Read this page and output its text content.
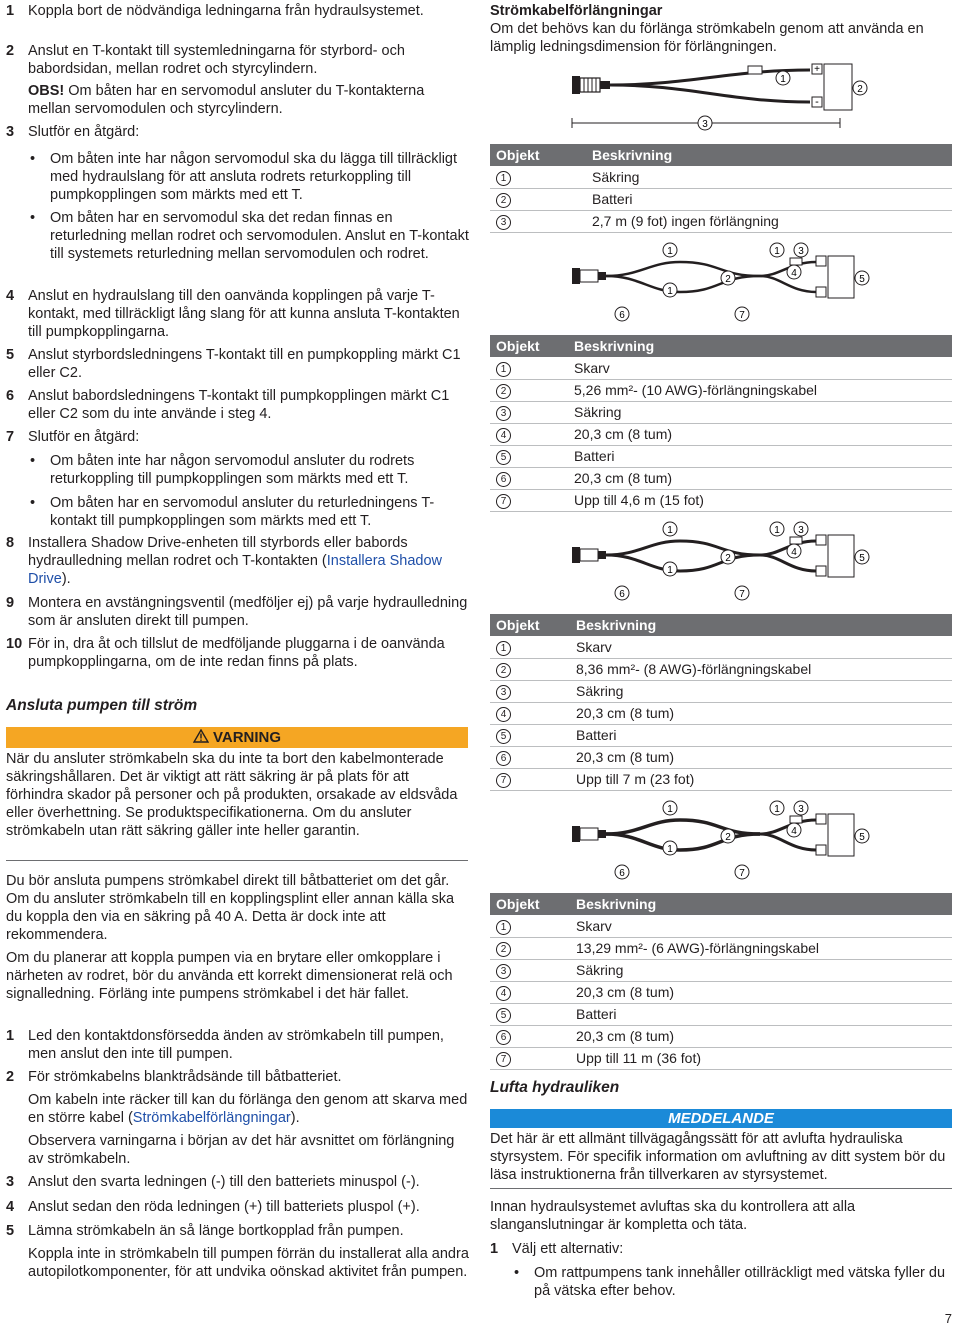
1 Koppla bort de nödvändiga ledningarna från hydraulsystemet.
2 Anslut en T-kontakt till systemledningarna för styrbord- och babordsidan, mellan rodret och styrcylindern.
OBS! Om båten har en servomodul ansluter du T-kontakterna mellan servomodulen och styrcylindern.
3 Slutför en åtgärd:
• Om båten inte har någon servomodul ska du lägga till tillräckligt med hydraulslang för att ansluta rodrets returkoppling till pumpkopplingen som märkts med ett T.
• Om båten har en servomodul ska det redan finnas en returledning mellan rodret och servomodulen. Anslut en T-kontakt till systemets returledning mellan servomodulen och rodret.
4 Anslut en hydraulslang till den oanvända kopplingen på varje T-kontakt, med tillräckligt lång slang för att kunna ansluta T-kontakten till pumpkopplingarna.
5 Anslut styrbordsledningens T-kontakt till en pumpkoppling märkt C1 eller C2.
6 Anslut babordsledningens T-kontakt till pumpkopplingen märkt C1 eller C2 som du inte använde i steg 4.
7 Slutför en åtgärd:
• Om båten inte har någon servomodul ansluter du rodrets returkoppling till pumpkopplingen som märkts med ett T.
• Om båten har en servomodul ansluter du returledningens T-kontakt till pumpkopplingen som märkts med ett T.
8 Installera Shadow Drive-enheten till styrbords eller babords hydraulledning mellan rodret och T-kontakten (Installera Shadow Drive).
9 Montera en avstängningsventil (medföljer ej) på varje hydraulledning som är ansluten direkt till pumpen.
10 För in, dra åt och tillslut de medföljande pluggarna i de oanvända pumpkopplingarna, om de inte redan finns på plats.
Ansluta pumpen till ström
VARNING
När du ansluter strömkabeln ska du inte ta bort den kabelmonterade säkringshållaren. Det är viktigt att rätt säkring är på plats för att förhindra skador på personer och på produkten, orsakade av eldsvåda eller överhettning. Se produktspecifikationerna. Om du ansluter strömkabeln utan rätt säkring gäller inte heller garantin.
Du bör ansluta pumpens strömkabel direkt till båtbatteriet om det går. Om du ansluter strömkabeln till en kopplingsplint eller annan källa ska du koppla den via en säkring på 40 A. Detta är dock inte att rekommendera.
Om du planerar att koppla pumpen via en brytare eller omkopplare i närheten av rodret, bör du använda ett korrekt dimensionerat relä och signalledning. Förläng inte pumpens strömkabel i det här fallet.
1 Led den kontaktdonsförsedda änden av strömkabeln till pumpen, men anslut den inte till pumpen.
2 För strömkabelns blanktrådsände till båtbatteriet.
Om kabeln inte räcker till kan du förlänga den genom att skarva med en större kabel (Strömkabelförlängningar).
Observera varningarna i början av det här avsnittet om förlängning av strömkabeln.
3 Anslut den svarta ledningen (-) till den batteriets minuspol (-).
4 Anslut sedan den röda ledningen (+) till batteriets pluspol (+).
5 Lämna strömkabeln än så länge bortkopplad från pumpen.
Koppla inte in strömkabeln till pumpen förrän du installerat alla andra autopilotkomponenter, för att undvika oönskad aktivitet från pumpen.
Strömkabelförlängningar
Om det behövs kan du förlänga strömkabeln genom att använda en lämplig ledningsdimension för förlängningen.
+
-
1
2
3
Objekt	Beskrivning
1	Säkring
2	Batteri
3	2,7 m (9 fot) ingen förlängning
1
1
2
1 3
4
5
6	7
Objekt	Beskrivning
1	Skarv
2	5,26 mm²- (10 AWG)-förlängningskabel
3	Säkring
4	20,3 cm (8 tum)
5	Batteri
6	20,3 cm (8 tum)
7	Upp till 4,6 m (15 fot)
1
1
2
1 3
4
5
6	7
Objekt	Beskrivning
1	Skarv
2	8,36 mm²- (8 AWG)-förlängningskabel
3	Säkring
4	20,3 cm (8 tum)
5	Batteri
6	20,3 cm (8 tum)
7	Upp till 7 m (23 fot)
1
1
2
1 3
4
5
6	7
Objekt	Beskrivning
1	Skarv
2	13,29 mm²- (6 AWG)-förlängningskabel
3	Säkring
4	20,3 cm (8 tum)
5	Batteri
6	20,3 cm (8 tum)
7	Upp till 11 m (36 fot)
Lufta hydrauliken
MEDDELANDE
Det här är ett allmänt tillvägagångssätt för att avlufta hydrauliska styrsystem. För specifik information om avluftning av ditt system bör du läsa instruktionerna från tillverkaren av styrsystemet.
Innan hydraulsystemet avluftas ska du kontrollera att alla slanganslutningar är kompletta och täta.
1 Välj ett alternativ:
• Om rattpumpens tank innehåller otillräckligt med vätska fyller du på vätska efter behov.
7
